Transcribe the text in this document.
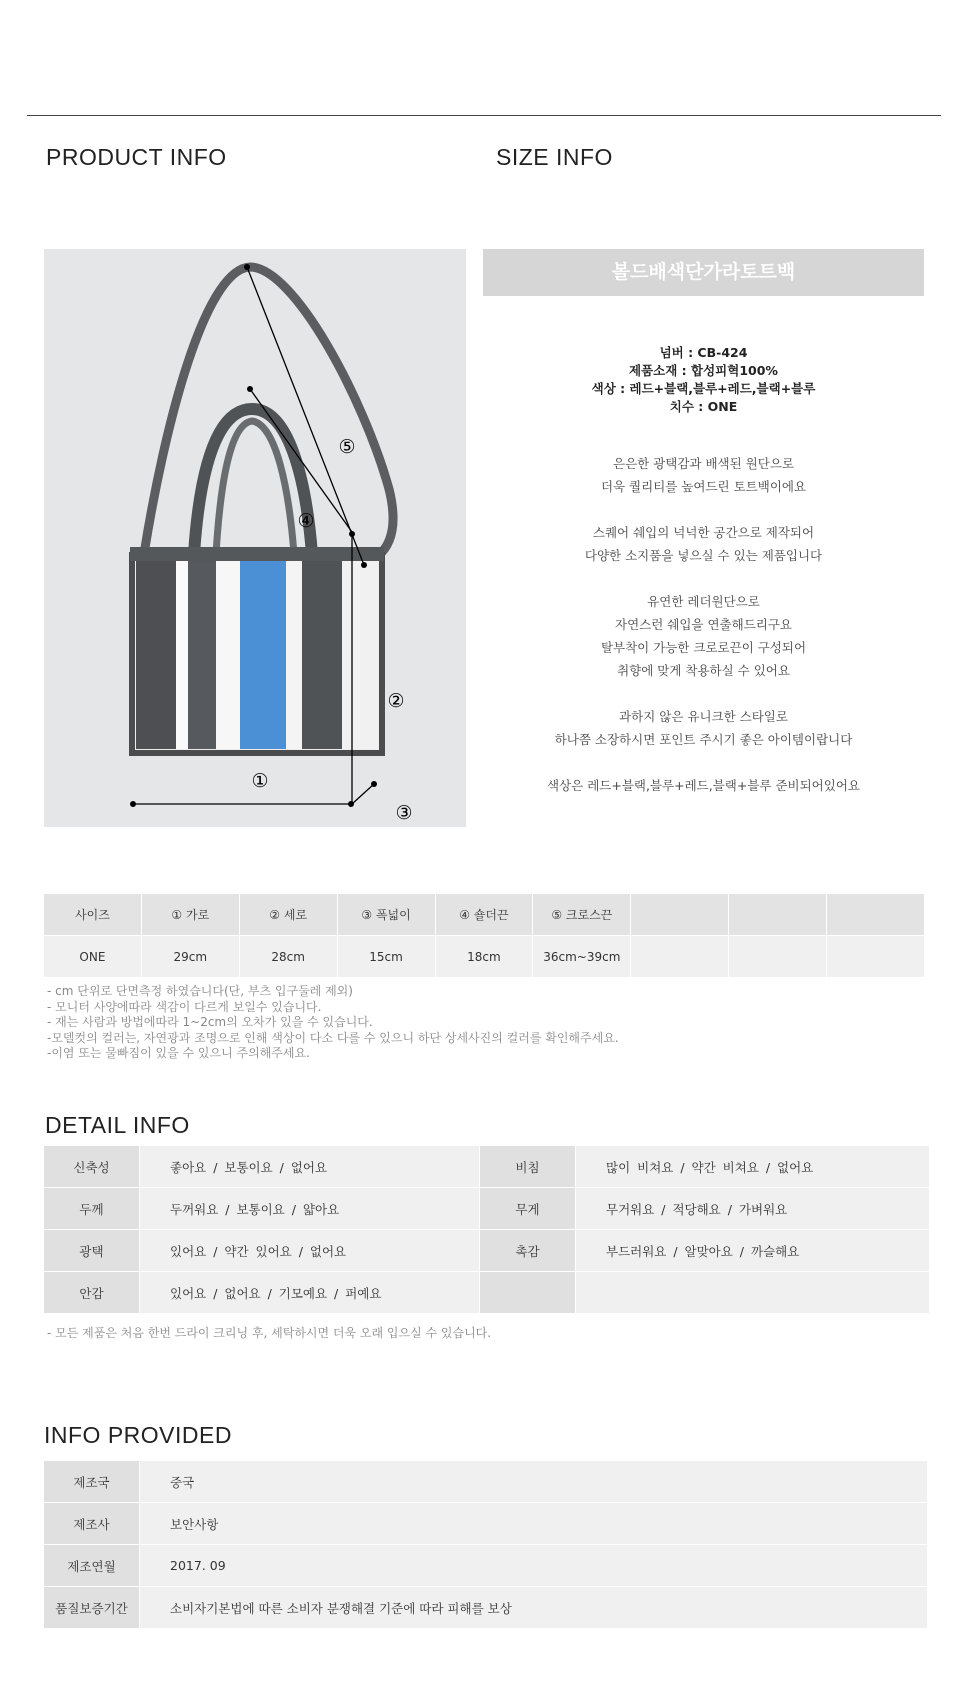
PRODUCT INFO	SIZE INFO
①
②
③
④
⑤
볼드배색단가라토트백
넘버 : CB-424
제품소재 : 합성피혁100%
색상 : 레드+블랙,블루+레드,블랙+블루
치수 : ONE
은은한 광택감과 배색된 원단으로
더욱 퀄리티를 높여드린 토트백이에요
스퀘어 쉐입의 넉넉한 공간으로 제작되어
다양한 소지품을 넣으실 수 있는 제품입니다
유연한 레더원단으로
자연스런 쉐입을 연출해드리구요
탈부착이 가능한 크로로끈이 구성되어
취향에 맞게 착용하실 수 있어요
과하지 않은 유니크한 스타일로
하나쯤 소장하시면 포인트 주시기 좋은 아이템이랍니다
색상은 레드+블랙,블루+레드,블랙+블루 준비되어있어요
사이즈	① 가로	② 세로	③ 폭넓이	④ 숄더끈	⑤ 크로스끈			
ONE	29cm	28cm	15cm	18cm	36cm~39cm			
- cm 단위로 단면측정 하였습니다(단, 부츠 입구둘레 제외)
- 모니터 사양에따라 색감이 다르게 보일수 있습니다.
- 재는 사람과 방법에따라 1~2cm의 오차가 있을 수 있습니다.
-모델컷의 컬러는, 자연광과 조명으로 인해 색상이 다소 다를 수 있으니 하단 상세사진의 컬러를 확인해주세요.
-이염 또는 물빠짐이 있을 수 있으니 주의해주세요.
DETAIL INFO
신축성	좋아요 / 보통이요 / 없어요	비침	많이 비쳐요 / 약간 비쳐요 / 없어요
두께	두꺼워요 / 보통이요 / 얇아요	무게	무거워요 / 적당해요 / 가벼워요
광택	있어요 / 약간 있어요 / 없어요	촉감	부드러워요 / 알맞아요 / 까슬해요
안감	있어요 / 없어요 / 기모예요 / 퍼예요		
- 모든 제품은 처음 한번 드라이 크리닝 후, 세탁하시면 더욱 오래 입으실 수 있습니다.
INFO PROVIDED
제조국	중국
제조사	보안사항
제조연월	2017. 09
품질보증기간	소비자기본법에 따른 소비자 분쟁해결 기준에 따라 피해를 보상
